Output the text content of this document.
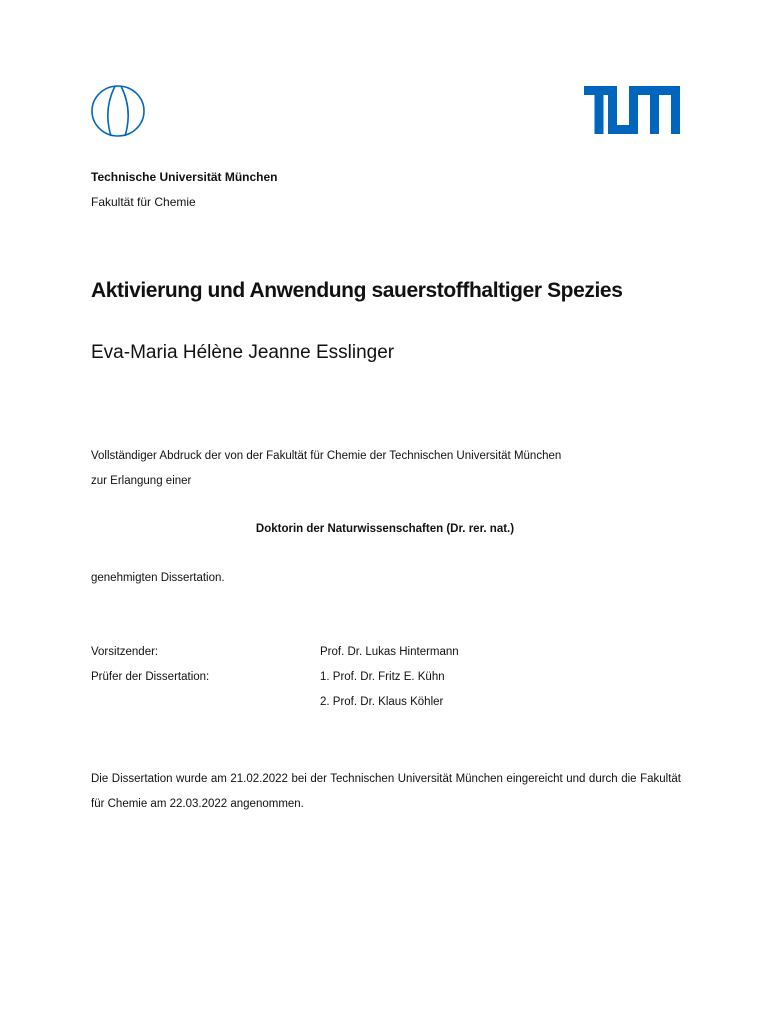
Technische Universität München
Fakultät für Chemie
Aktivierung und Anwendung sauerstoffhaltiger Spezies
Eva-Maria Hélène Jeanne Esslinger
Vollständiger Abdruck der von der Fakultät für Chemie der Technischen Universität München
zur Erlangung einer
Doktorin der Naturwissenschaften (Dr. rer. nat.)
genehmigten Dissertation.
Vorsitzender:	Prof. Dr. Lukas Hintermann
Prüfer der Dissertation:	1. Prof. Dr. Fritz E. Kühn
2. Prof. Dr. Klaus Köhler
Die Dissertation wurde am 21.02.2022 bei der Technischen Universität München eingereicht und durch die Fakultät für Chemie am 22.03.2022 angenommen.
